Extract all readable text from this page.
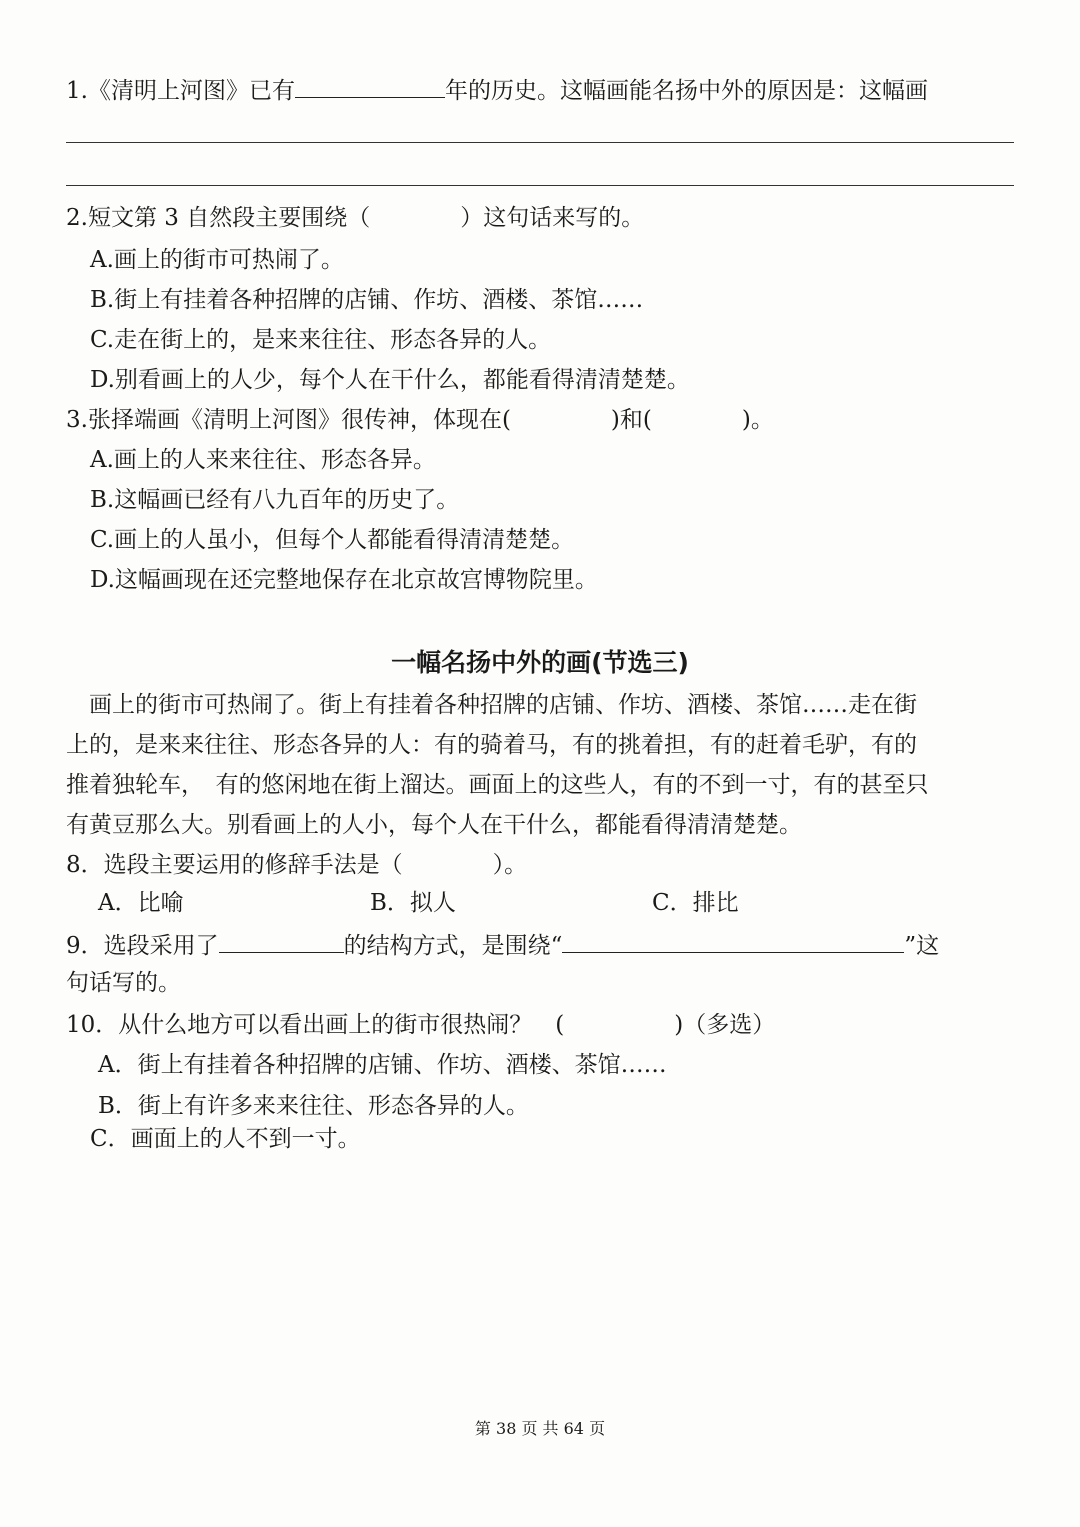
1.《清明上河图》已有	年的历史。这幅画能名扬中外的原因是：这幅画
2.短文第 3 自然段主要围绕（	）这句话来写的。
A.画上的街市可热闹了。
B.街上有挂着各种招牌的店铺、作坊、酒楼、茶馆……
C.走在街上的，是来来往往、形态各异的人。
D.别看画上的人少，每个人在干什么，都能看得清清楚楚。
3.张择端画《清明上河图》很传神，体现在(	)和(	)。
A.画上的人来来往往、形态各异。
B.这幅画已经有八九百年的历史了。
C.画上的人虽小，但每个人都能看得清清楚楚。
D.这幅画现在还完整地保存在北京故宫博物院里。
一幅名扬中外的画(节选三)
　画上的街市可热闹了。街上有挂着各种招牌的店铺、作坊、酒楼、茶馆……走在街
上的，是来来往往、形态各异的人：有的骑着马，有的挑着担，有的赶着毛驴，有的
推着独轮车，　有的悠闲地在街上溜达。画面上的这些人，有的不到一寸，有的甚至只
有黄豆那么大。别看画上的人小，每个人在干什么，都能看得清清楚楚。
8．选段主要运用的修辞手法是（	）。
A．比喻	B．拟人	C．排比
9．选段采用了	的结构方式，是围绕“	”这
句话写的。
10．从什么地方可以看出画上的街市很热闹？　(	)（多选）
A．街上有挂着各种招牌的店铺、作坊、酒楼、茶馆……
B．街上有许多来来往往、形态各异的人。
C．画面上的人不到一寸。
第 38 页 共 64 页
